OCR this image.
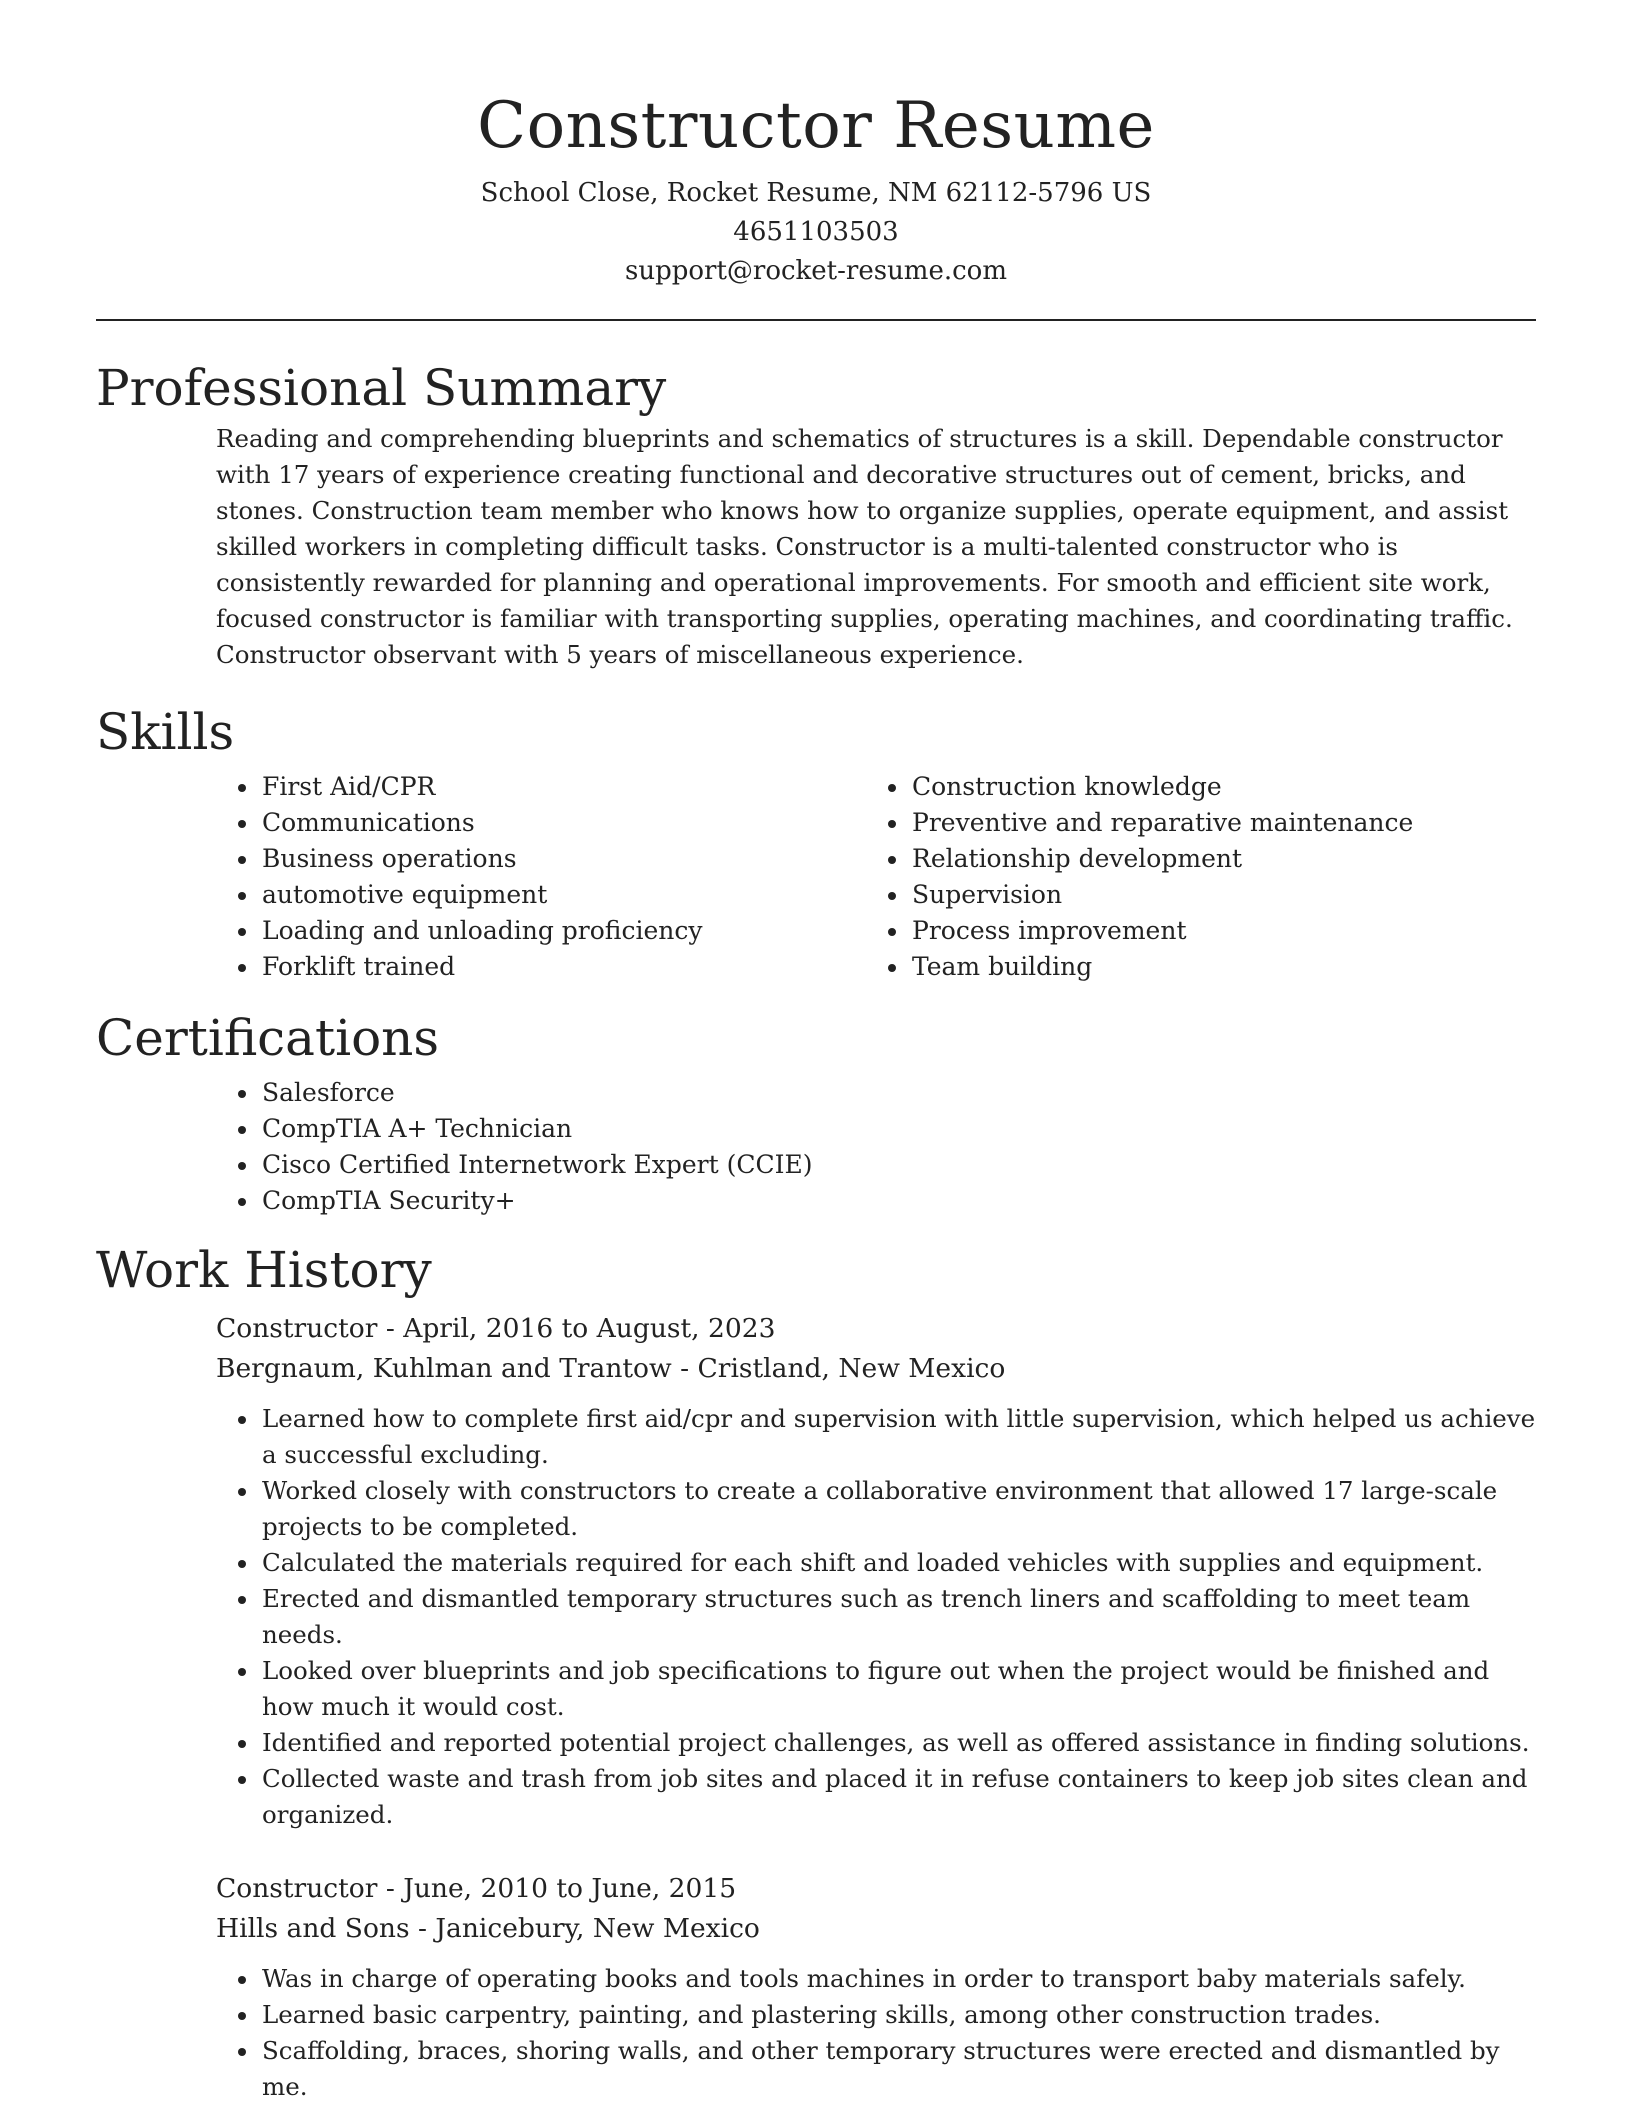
Constructor Resume

School Close, Rocket Resume, NM 62112-5796 US

4651103503

support@rocket-resume.com

Professional Summary

Reading and comprehending blueprints and schematics of structures is a skill. Dependable constructor with 17 years of experience creating functional and decorative structures out of cement, bricks, and stones. Construction team member who knows how to organize supplies, operate equipment, and assist skilled workers in completing difficult tasks. Constructor is a multi-talented constructor who is consistently rewarded for planning and operational improvements. For smooth and efficient site work, focused constructor is familiar with transporting supplies, operating machines, and coordinating traffic. Constructor observant with 5 years of miscellaneous experience.

Skills
• First Aid/CPR
• Communications
• Business operations
• automotive equipment
• Loading and unloading proficiency
• Forklift trained
• Construction knowledge
• Preventive and reparative maintenance
• Relationship development
• Supervision
• Process improvement
• Team building
Certifications
• Salesforce
• CompTIA A+ Technician
• Cisco Certified Internetwork Expert (CCIE)
• CompTIA Security+
Work History

Constructor - April, 2016 to August, 2023

Bergnaum, Kuhlman and Trantow - Cristland, New Mexico

• Learned how to complete first aid/cpr and supervision with little supervision, which helped us achieve a successful excluding.
• Worked closely with constructors to create a collaborative environment that allowed 17 large-scale projects to be completed.
• Calculated the materials required for each shift and loaded vehicles with supplies and equipment.
• Erected and dismantled temporary structures such as trench liners and scaffolding to meet team needs.
• Looked over blueprints and job specifications to figure out when the project would be finished and how much it would cost.
• Identified and reported potential project challenges, as well as offered assistance in finding solutions.
• Collected waste and trash from job sites and placed it in refuse containers to keep job sites clean and organized.

Constructor - June, 2010 to June, 2015

Hills and Sons - Janicebury, New Mexico

• Was in charge of operating books and tools machines in order to transport baby materials safely.
• Learned basic carpentry, painting, and plastering skills, among other construction trades.
• Scaffolding, braces, shoring walls, and other temporary structures were erected and dismantled by me.
